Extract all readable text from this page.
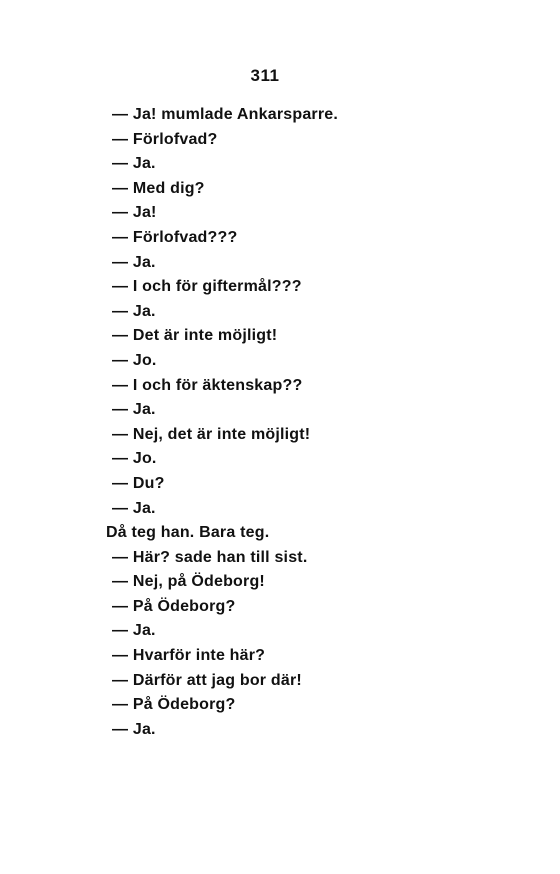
311
— Ja! mumlade Ankarsparre.
— Förlofvad?
— Ja.
— Med dig?
— Ja!
— Förlofvad???
— Ja.
— I och för giftermål???
— Ja.
— Det är inte möjligt!
— Jo.
— I och för äktenskap??
— Ja.
— Nej, det är inte möjligt!
— Jo.
— Du?
— Ja.
Då teg han. Bara teg.
— Här? sade han till sist.
— Nej, på Ödeborg!
— På Ödeborg?
— Ja.
— Hvarför inte här?
— Därför att jag bor där!
— På Ödeborg?
— Ja.
